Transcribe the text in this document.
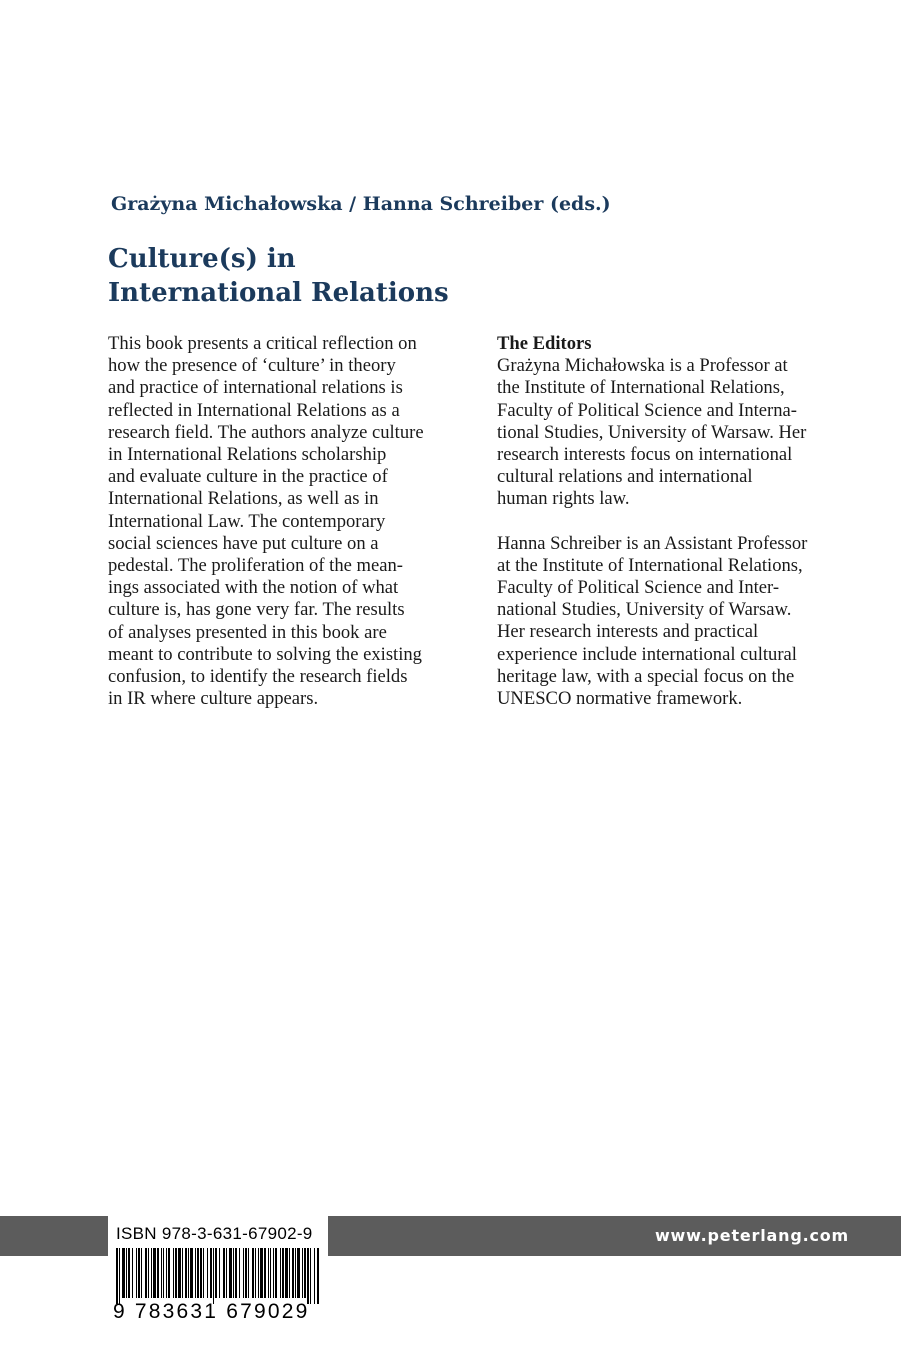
Grażyna Michałowska / Hanna Schreiber (eds.)
Culture(s) in
International Relations
This book presents a critical reflection on
how the presence of ‘culture’ in theory
and practice of international relations is
reflected in International Relations as a
research field. The authors analyze culture
in International Relations scholarship
and evaluate culture in the practice of
International Relations, as well as in
International Law. The contemporary
social sciences have put culture on a
pedestal. The proliferation of the mean-
ings associated with the notion of what
culture is, has gone very far. The results
of analyses presented in this book are
meant to contribute to solving the existing
confusion, to identify the research fields
in IR where culture appears.
The Editors
Grażyna Michałowska is a Professor at
the Institute of International Relations,
Faculty of Political Science and Interna-
tional Studies, University of Warsaw. Her
research interests focus on international
cultural relations and international
human rights law.
Hanna Schreiber is an Assistant Professor
at the Institute of International Relations,
Faculty of Political Science and Inter-
national Studies, University of Warsaw.
Her research interests and practical
experience include international cultural
heritage law, with a special focus on the
UNESCO normative framework.
www.peterlang.com
ISBN 978-3-631-67902-9
9 783631 679029
